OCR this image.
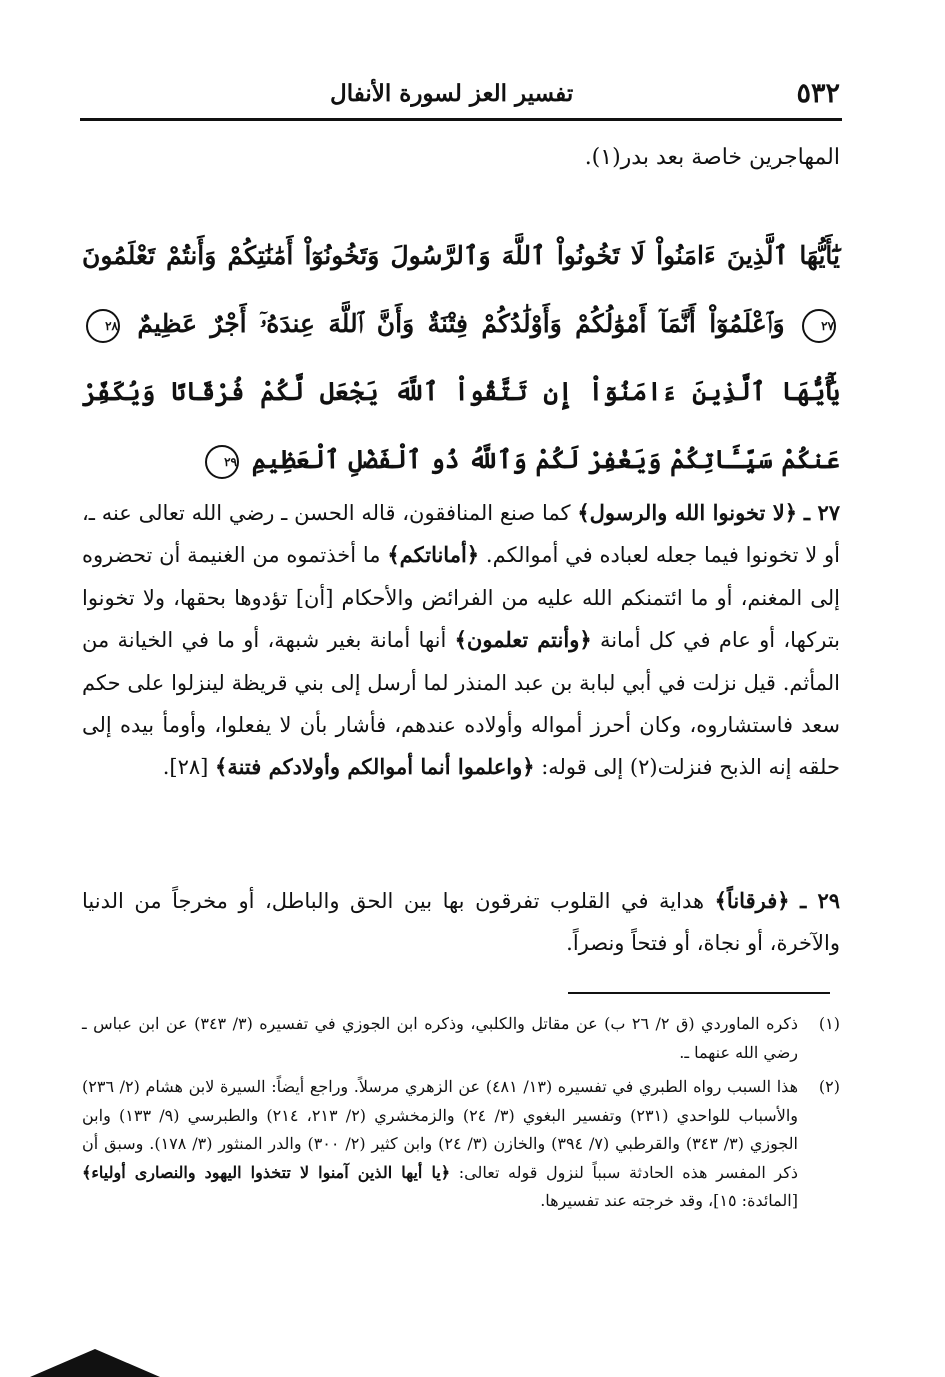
٥٣٢
تفسير العز لسورة الأنفال
المهاجرين خاصة بعد بدر(١).
يَٰٓأَيُّهَا ٱلَّذِينَ ءَامَنُواْ لَا تَخُونُواْ ٱللَّهَ وَٱلرَّسُولَ وَتَخُونُوٓاْ أَمَٰنَٰتِكُمْ وَأَنتُمْ تَعْلَمُونَ ٢٧ وَٱعْلَمُوٓاْ أَنَّمَآ أَمْوَٰلُكُمْ وَأَوْلَٰدُكُمْ فِتْنَةٌ وَأَنَّ ٱللَّهَ عِندَهُۥٓ أَجْرٌ عَظِيمٌ ٢٨ يَٰٓأَيُّهَا ٱلَّذِينَ ءَامَنُوٓاْ إِن تَتَّقُواْ ٱللَّهَ يَجْعَل لَّكُمْ فُرْقَانًا وَيُكَفِّرْ عَنكُمْ سَيِّـَٔاتِكُمْ وَيَغْفِرْ لَكُمْ وَٱللَّهُ ذُو ٱلْفَضْلِ ٱلْعَظِيمِ ٢٩
٢٧ ـ ﴿لا تخونوا الله والرسول﴾ كما صنع المنافقون، قاله الحسن ـ رضي الله تعالى عنه ـ، أو لا تخونوا فيما جعله لعباده في أموالكم. ﴿أماناتكم﴾ ما أخذتموه من الغنيمة أن تحضروه إلى المغنم، أو ما ائتمنكم الله عليه من الفرائض والأحكام [أن] تؤدوها بحقها، ولا تخونوا بتركها، أو عام في كل أمانة ﴿وأنتم تعلمون﴾ أنها أمانة بغير شبهة، أو ما في الخيانة من المأثم. قيل نزلت في أبي لبابة بن عبد المنذر لما أرسل إلى بني قريظة لينزلوا على حكم سعد فاستشاروه، وكان أحرز أمواله وأولاده عندهم، فأشار بأن لا يفعلوا، وأومأ بيده إلى حلقه إنه الذبح فنزلت(٢) إلى قوله: ﴿واعلموا أنما أموالكم وأولادكم فتنة﴾ [٢٨].
٢٩ ـ ﴿فرقاناً﴾ هداية في القلوب تفرقون بها بين الحق والباطل، أو مخرجاً من الدنيا والآخرة، أو نجاة، أو فتحاً ونصراً.
(١)
ذكره الماوردي (ق ٢/ ٢٦ ب) عن مقاتل والكلبي، وذكره ابن الجوزي في تفسيره (٣/ ٣٤٣) عن ابن عباس ـ رضي الله عنهما ـ.
(٢)
هذا السبب رواه الطبري في تفسيره (١٣/ ٤٨١) عن الزهري مرسلاً. وراجع أيضاً: السيرة لابن هشام (٢/ ٢٣٦) والأسباب للواحدي (٢٣١) وتفسير البغوي (٣/ ٢٤) والزمخشري (٢/ ٢١٣، ٢١٤) والطبرسي (٩/ ١٣٣) وابن الجوزي (٣/ ٣٤٣) والقرطبي (٧/ ٣٩٤) والخازن (٣/ ٢٤) وابن كثير (٢/ ٣٠٠) والدر المنثور (٣/ ١٧٨). وسبق أن ذكر المفسر هذه الحادثة سبباً لنزول قوله تعالى: ﴿يا أيها الذين آمنوا لا تتخذوا اليهود والنصارى أولياء﴾ [المائدة: ١٥]، وقد خرجته عند تفسيرها.
